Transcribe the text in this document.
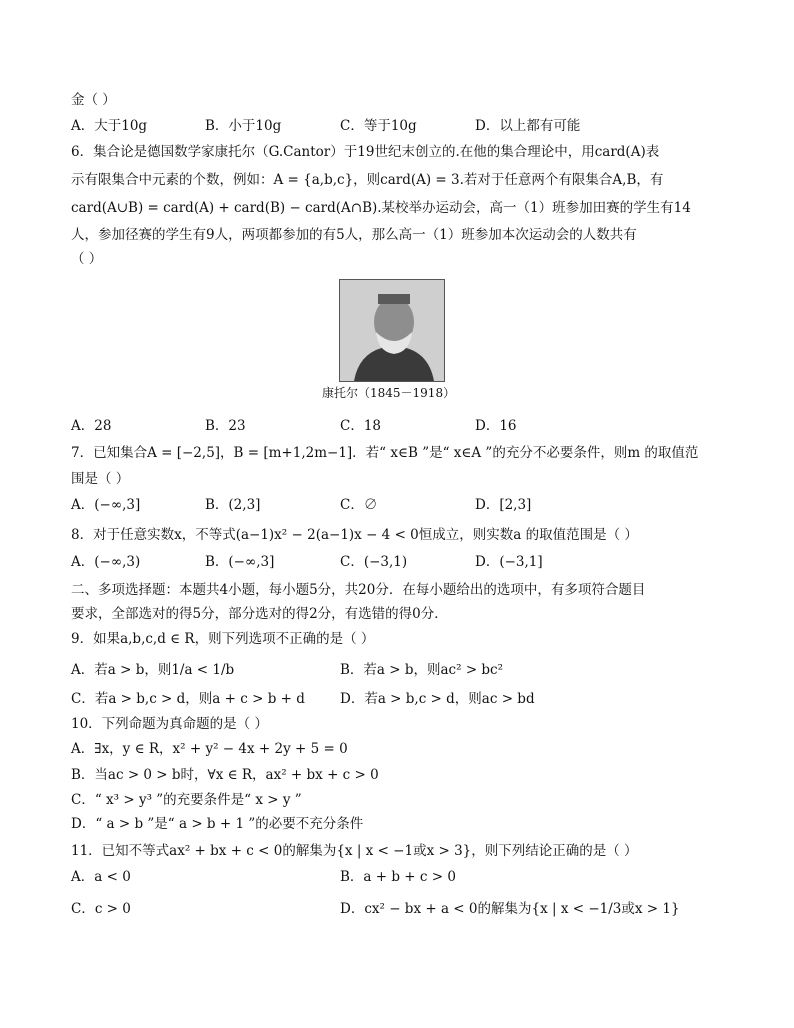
金（ ）
A．大于10g	B．小于10g	C．等于10g	D．以上都有可能
6．集合论是德国数学家康托尔（G.Cantor）于19世纪末创立的.在他的集合理论中，用card(A)表
示有限集合中元素的个数，例如：A = {a,b,c}，则card(A) = 3.若对于任意两个有限集合A,B，有
card(A∪B) = card(A) + card(B) − card(A∩B).某校举办运动会，高一（1）班参加田赛的学生有14
人，参加径赛的学生有9人，两项都参加的有5人，那么高一（1）班参加本次运动会的人数共有
（ ）
康托尔（1845－1918）
A．28	B．23	C．18	D．16
7．已知集合A = [−2,5]，B = [m+1,2m−1]．若“ x∈B ”是“ x∈A ”的充分不必要条件，则m 的取值范
围是（ ）
A．(−∞,3]	B．(2,3]	C．∅	D．[2,3]
8．对于任意实数x，不等式(a−1)x² − 2(a−1)x − 4 < 0恒成立，则实数a 的取值范围是（ ）
A．(−∞,3)	B．(−∞,3]	C．(−3,1)	D．(−3,1]
二、多项选择题：本题共4小题，每小题5分，共20分．在每小题给出的选项中，有多项符合题目
要求，全部选对的得5分，部分选对的得2分，有选错的得0分．
9．如果a,b,c,d ∈ R，则下列选项不正确的是（ ）
A．若a > b，则1/a < 1/b	B．若a > b，则ac² > bc²
C．若a > b,c > d，则a + c > b + d	D．若a > b,c > d，则ac > bd
10．下列命题为真命题的是（ ）
A．∃x，y ∈ R，x² + y² − 4x + 2y + 5 = 0
B．当ac > 0 > b时，∀x ∈ R，ax² + bx + c > 0
C．“ x³ > y³ ”的充要条件是“ x > y ”
D．“ a > b ”是“ a > b + 1 ”的必要不充分条件
11．已知不等式ax² + bx + c < 0的解集为{x | x < −1或x > 3}，则下列结论正确的是（ ）
A．a < 0	B．a + b + c > 0
C．c > 0	D．cx² − bx + a < 0的解集为{x | x < −1/3或x > 1}
